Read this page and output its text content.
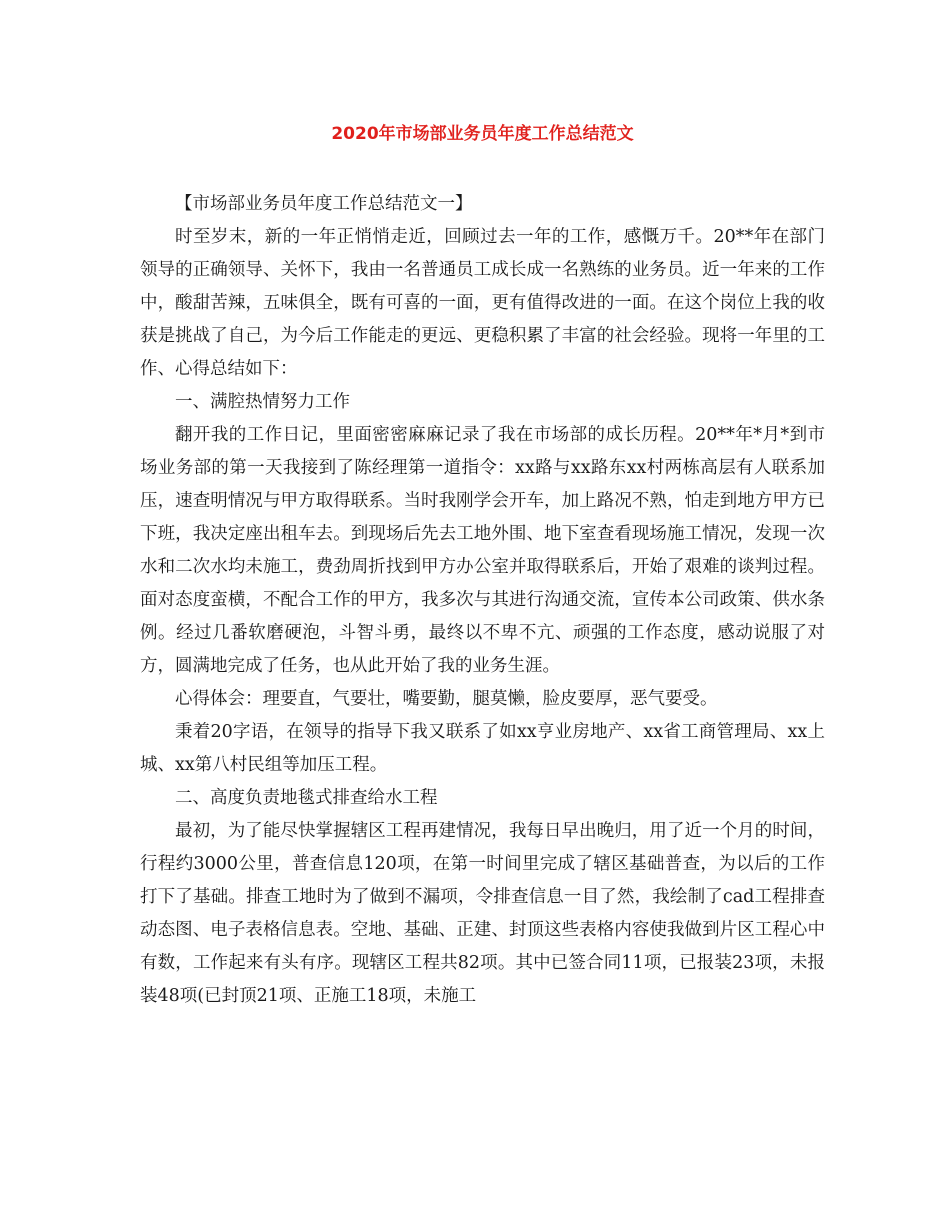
2020年市场部业务员年度工作总结范文

【市场部业务员年度工作总结范文一】

时至岁末，新的一年正悄悄走近，回顾过去一年的工作，感慨万千。20**年在部门领导的正确领导、关怀下，我由一名普通员工成长成一名熟练的业务员。近一年来的工作中，酸甜苦辣，五味俱全，既有可喜的一面，更有值得改进的一面。在这个岗位上我的收获是挑战了自己，为今后工作能走的更远、更稳积累了丰富的社会经验。现将一年里的工作、心得总结如下：

一、满腔热情努力工作

翻开我的工作日记，里面密密麻麻记录了我在市场部的成长历程。20**年*月*到市场业务部的第一天我接到了陈经理第一道指令：xx路与xx路东xx村两栋高层有人联系加压，速查明情况与甲方取得联系。当时我刚学会开车，加上路况不熟，怕走到地方甲方已下班，我决定座出租车去。到现场后先去工地外围、地下室查看现场施工情况，发现一次水和二次水均未施工，费劲周折找到甲方办公室并取得联系后，开始了艰难的谈判过程。面对态度蛮横，不配合工作的甲方，我多次与其进行沟通交流，宣传本公司政策、供水条例。经过几番软磨硬泡，斗智斗勇，最终以不卑不亢、顽强的工作态度，感动说服了对方，圆满地完成了任务，也从此开始了我的业务生涯。

心得体会：理要直，气要壮，嘴要勤，腿莫懒，脸皮要厚，恶气要受。

秉着20字语，在领导的指导下我又联系了如xx亨业房地产、xx省工商管理局、xx上城、xx第八村民组等加压工程。

二、高度负责地毯式排查给水工程

最初，为了能尽快掌握辖区工程再建情况，我每日早出晚归，用了近一个月的时间，行程约3000公里，普查信息120项，在第一时间里完成了辖区基础普查，为以后的工作打下了基础。排查工地时为了做到不漏项，令排查信息一目了然，我绘制了cad工程排查动态图、电子表格信息表。空地、基础、正建、封顶这些表格内容使我做到片区工程心中有数，工作起来有头有序。现辖区工程共82项。其中已签合同11项，已报装23项，未报装48项(已封顶21项、正施工18项，未施工
